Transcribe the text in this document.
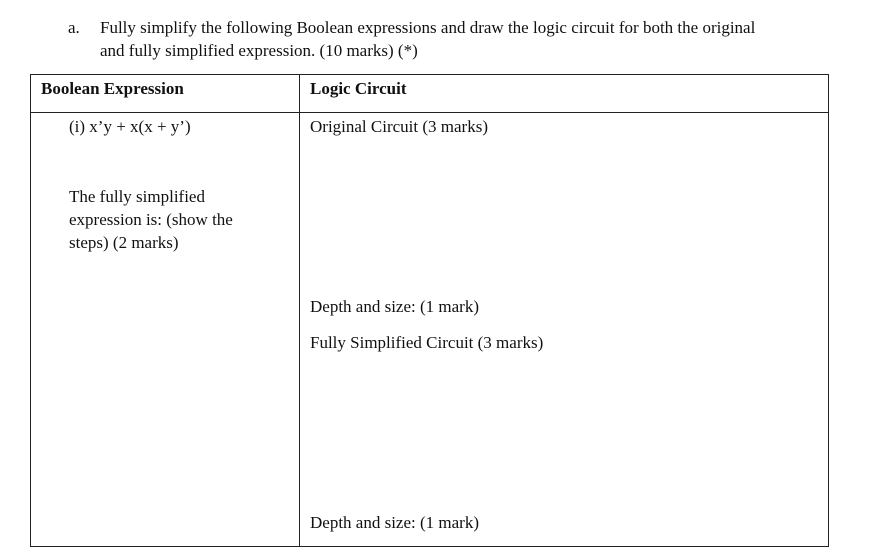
a. Fully simplify the following Boolean expressions and draw the logic circuit for both the original
and fully simplified expression. (10 marks) (*)
Boolean Expression	Logic Circuit
(i) x’y + x(x + y’)
The fully simplified expression is: (show the steps) (2 marks)
Original Circuit (3 marks)
Depth and size: (1 mark)
Fully Simplified Circuit (3 marks)
Depth and size: (1 mark)
